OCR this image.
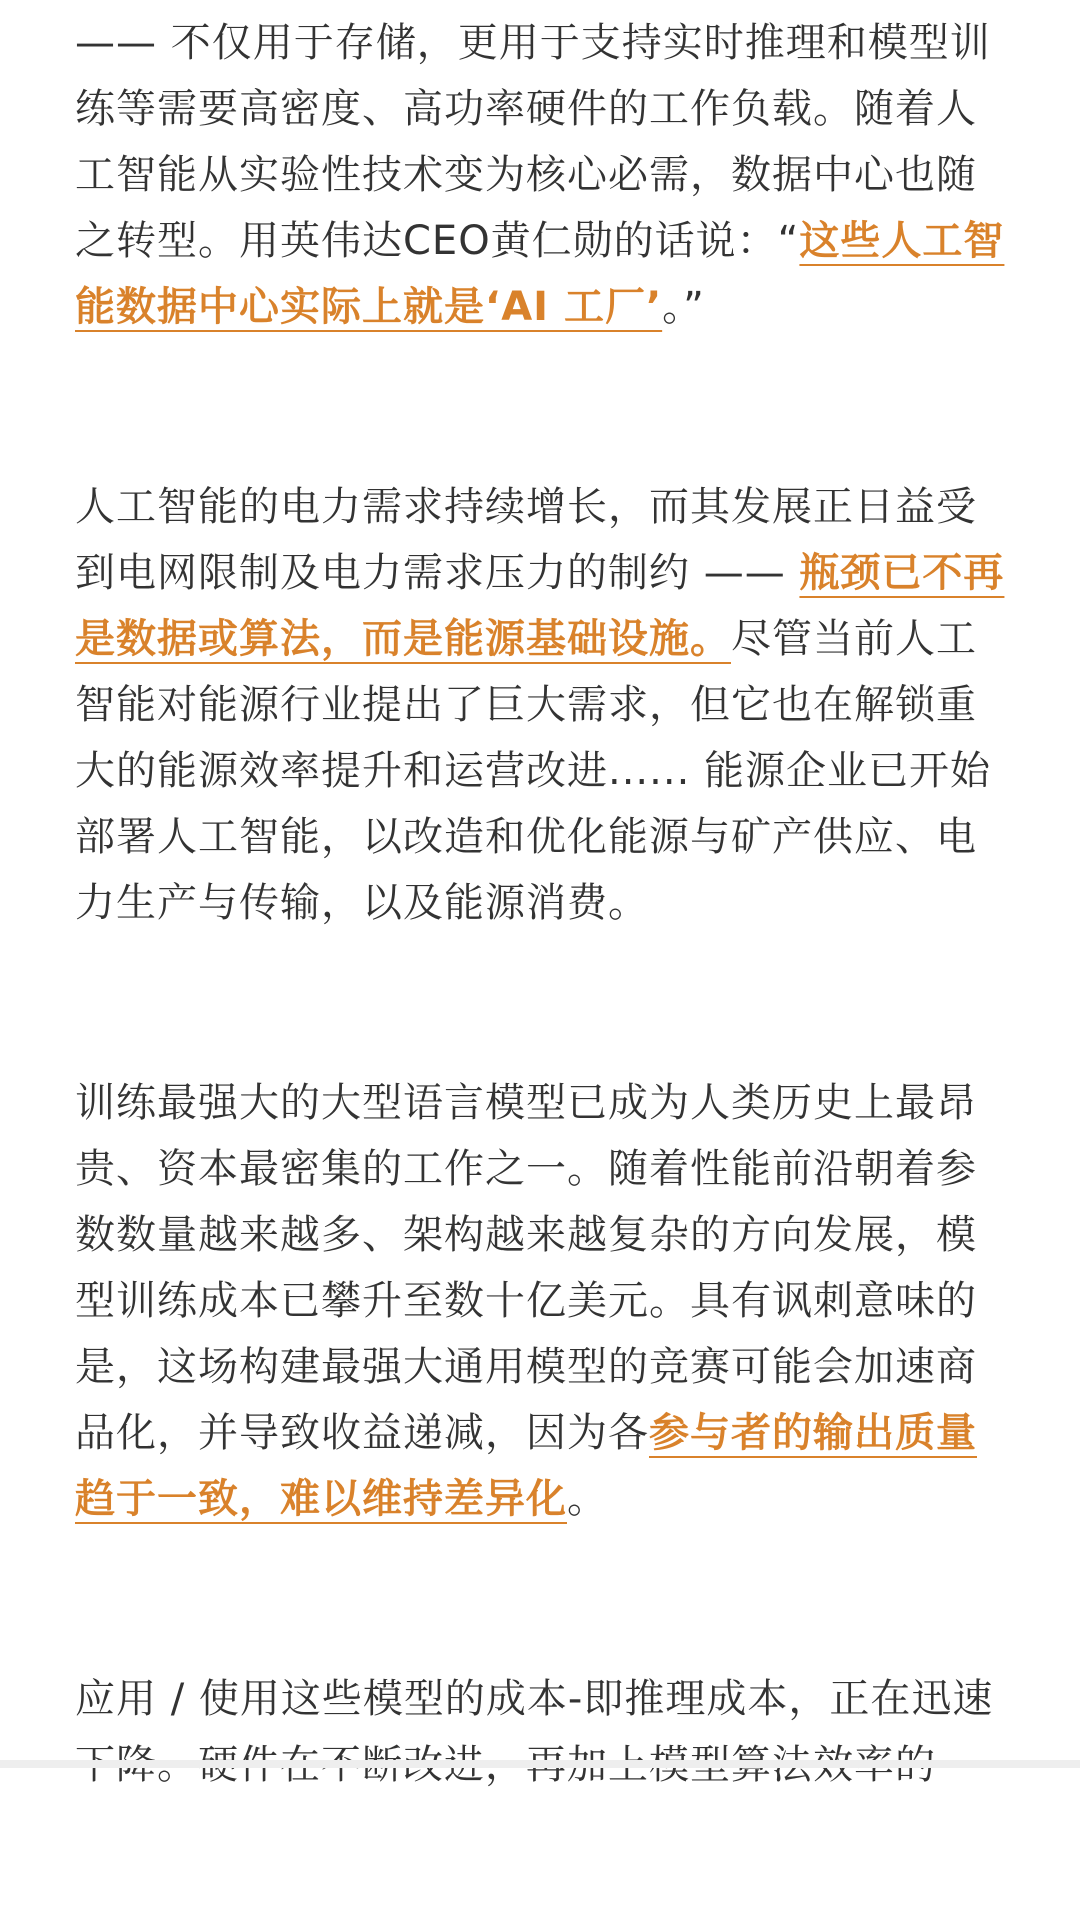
—— 不仅用于存储，更用于支持实时推理和模型训练等需要高密度、高功率硬件的工作负载。随着人工智能从实验性技术变为核心必需，数据中心也随之转型。用英伟达CEO黄仁勋的话说：“这些人工智能数据中心实际上就是‘AI 工厂’。”

人工智能的电力需求持续增长，而其发展正日益受到电网限制及电力需求压力的制约 —— 瓶颈已不再是数据或算法，而是能源基础设施。尽管当前人工智能对能源行业提出了巨大需求，但它也在解锁重大的能源效率提升和运营改进...... 能源企业已开始部署人工智能，以改造和优化能源与矿产供应、电力生产与传输，以及能源消费。

训练最强大的大型语言模型已成为人类历史上最昂贵、资本最密集的工作之一。随着性能前沿朝着参数数量越来越多、架构越来越复杂的方向发展，模型训练成本已攀升至数十亿美元。具有讽刺意味的是，这场构建最强大通用模型的竞赛可能会加速商品化，并导致收益递减，因为各参与者的输出质量趋于一致，难以维持差异化。

应用 / 使用这些模型的成本-即推理成本，正在迅速
